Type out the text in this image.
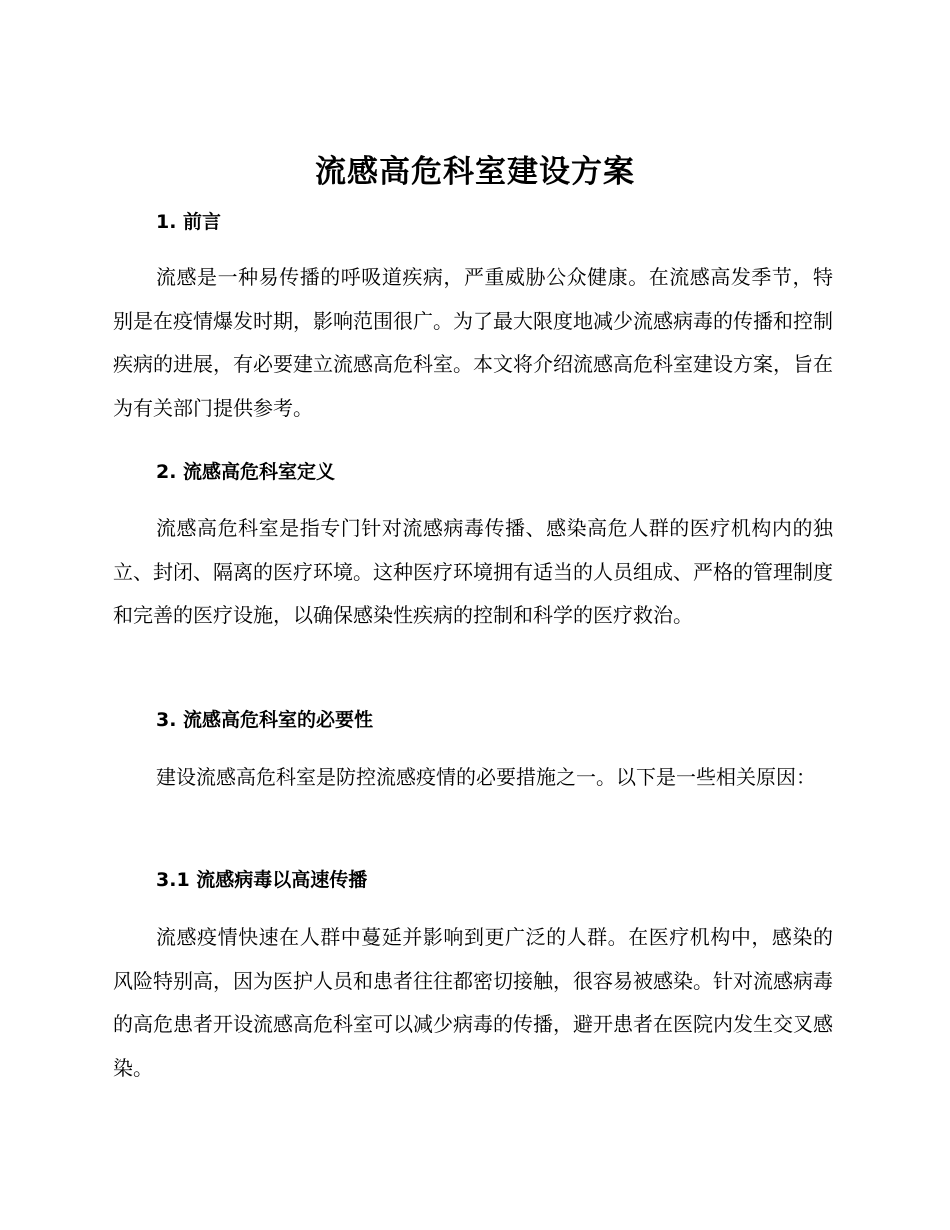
流感高危科室建设方案
1. 前言

流感是一种易传播的呼吸道疾病，严重威胁公众健康。在流感高发季节，特别是在疫情爆发时期，影响范围很广。为了最大限度地减少流感病毒的传播和控制疾病的进展，有必要建立流感高危科室。本文将介绍流感高危科室建设方案，旨在为有关部门提供参考。

2. 流感高危科室定义

流感高危科室是指专门针对流感病毒传播、感染高危人群的医疗机构内的独立、封闭、隔离的医疗环境。这种医疗环境拥有适当的人员组成、严格的管理制度和完善的医疗设施，以确保感染性疾病的控制和科学的医疗救治。

3. 流感高危科室的必要性

建设流感高危科室是防控流感疫情的必要措施之一。以下是一些相关原因：

3.1 流感病毒以高速传播

流感疫情快速在人群中蔓延并影响到更广泛的人群。在医疗机构中，感染的风险特别高，因为医护人员和患者往往都密切接触，很容易被感染。针对流感病毒的高危患者开设流感高危科室可以减少病毒的传播，避开患者在医院内发生交叉感染。
